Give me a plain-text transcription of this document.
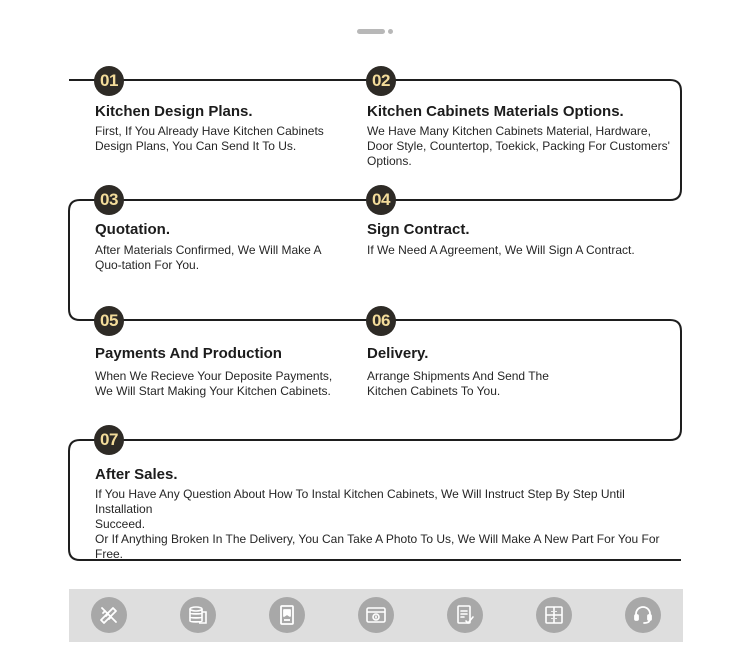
01
Kitchen Design Plans.
First, If You Already Have Kitchen Cabinets Design Plans, You Can Send It To Us.
02
Kitchen Cabinets Materials Options.
We Have Many Kitchen Cabinets Material, Hardware, Door Style, Countertop, Toekick, Packing For Customers' Options.
03
Quotation.
After Materials Confirmed, We Will Make A Quo-tation For You.
04
Sign Contract.
If We Need A Agreement, We Will Sign A Contract.
05
Payments And Production
When We Recieve Your Deposite Payments, We Will Start Making Your Kitchen Cabinets.
06
Delivery.
Arrange Shipments And Send The Kitchen Cabinets To You.
07
After Sales.
If You Have Any Question About How To Instal Kitchen Cabinets, We Will Instruct Step By Step Until Installation
Succeed.
Or If Anything Broken In The Delivery, You Can Take A Photo To Us, We Will Make A New Part For You For Free.
